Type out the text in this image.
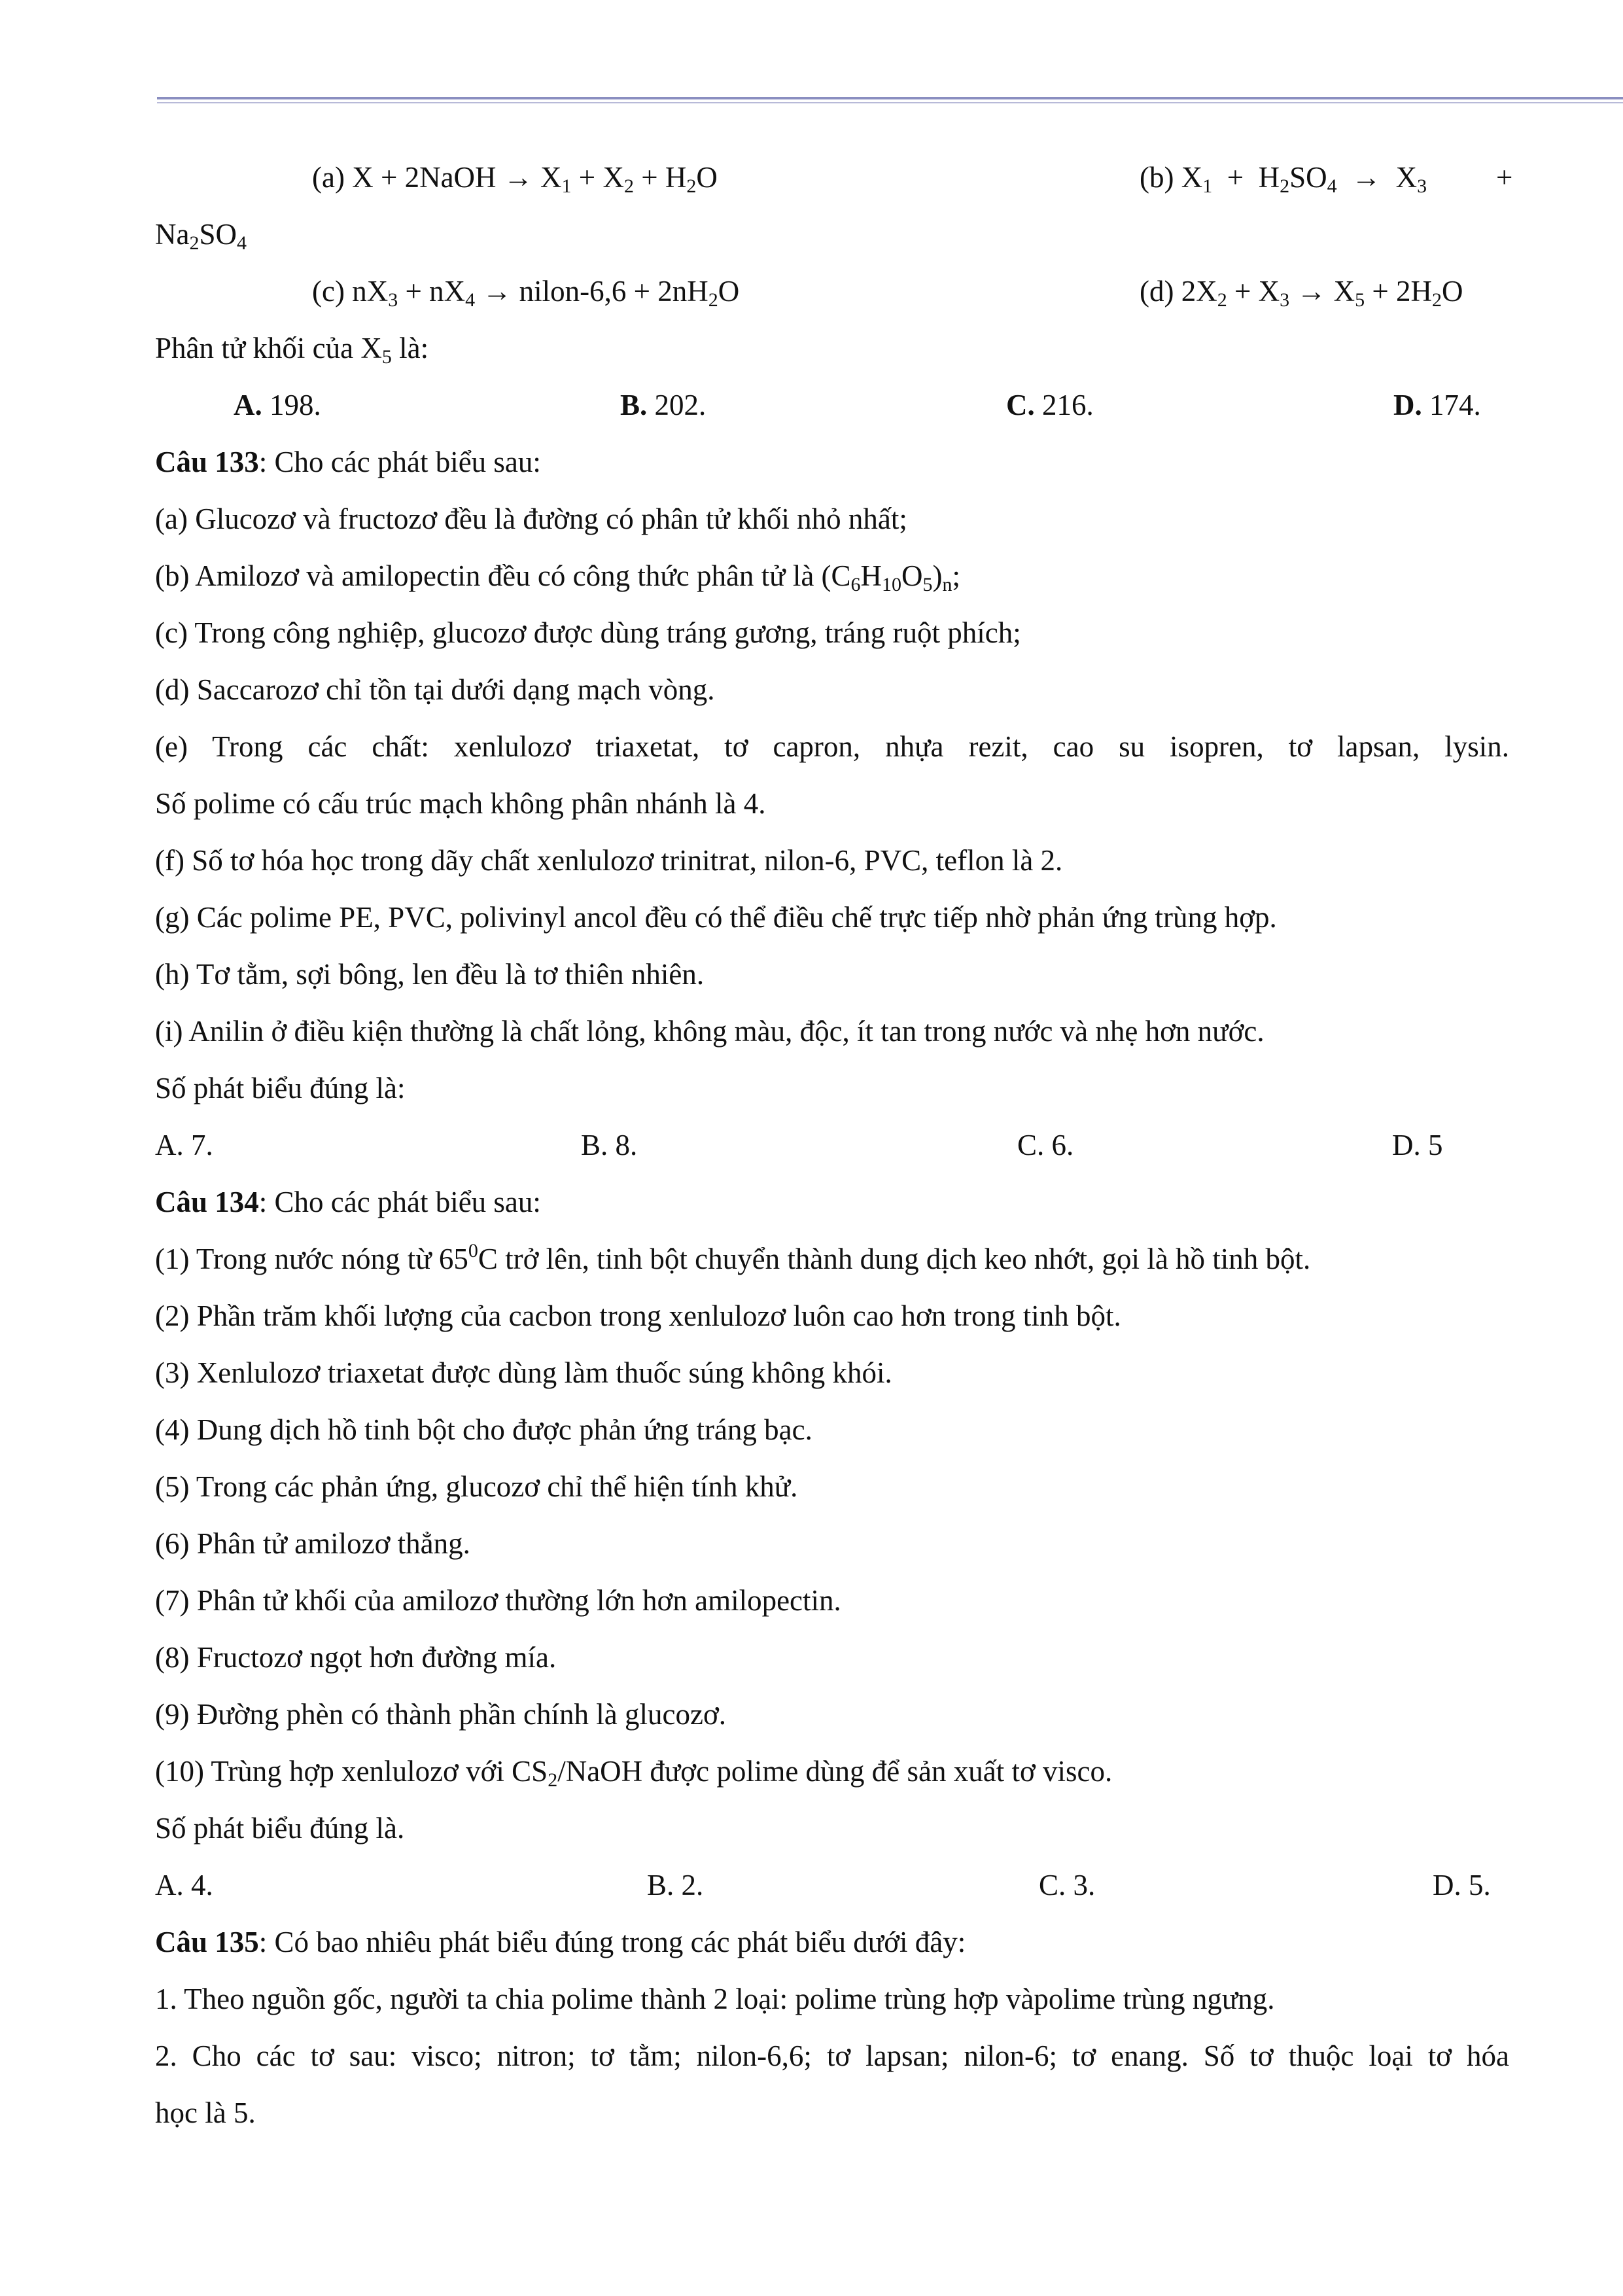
(a) X + 2NaOH → $X_1 + X_2 + H_2O$	(b) $X_1 + H_2SO_4 \to X_3$ +
$Na_2SO_4$
(c) $nX_3 + nX_4$ → nilon-6,6 + $2nH_2O$	(d) $2X_2 + X_3 \to X_5 + 2H_2O$
Phân tử khối của $X_5$ là:
A. 198.	B. 202.	C. 216.	D. 174.
Câu 133: Cho các phát biểu sau:
(a) Glucozơ và fructozơ đều là đường có phân tử khối nhỏ nhất;
(b) Amilozơ và amilopectin đều có công thức phân tử là $(C_6H_{10}O_5)_n$;
(c) Trong công nghiệp, glucozơ được dùng tráng gương, tráng ruột phích;
(d) Saccarozơ chỉ tồn tại dưới dạng mạch vòng.
(e) Trong các chất: xenlulozơ triaxetat, tơ capron, nhựa rezit, cao su isopren, tơ lapsan, lysin.
Số polime có cấu trúc mạch không phân nhánh là 4.
(f) Số tơ hóa học trong dãy chất xenlulozơ trinitrat, nilon-6, PVC, teflon là 2.
(g) Các polime PE, PVC, polivinyl ancol đều có thể điều chế trực tiếp nhờ phản ứng trùng hợp.
(h) Tơ tằm, sợi bông, len đều là tơ thiên nhiên.
(i) Anilin ở điều kiện thường là chất lỏng, không màu, độc, ít tan trong nước và nhẹ hơn nước.
Số phát biểu đúng là:
A. 7.	B. 8.	C. 6.	D. 5
Câu 134: Cho các phát biểu sau:
(1) Trong nước nóng từ $65^0C$ trở lên, tinh bột chuyển thành dung dịch keo nhớt, gọi là hồ tinh bột.
(2) Phần trăm khối lượng của cacbon trong xenlulozơ luôn cao hơn trong tinh bột.
(3) Xenlulozơ triaxetat được dùng làm thuốc súng không khói.
(4) Dung dịch hồ tinh bột cho được phản ứng tráng bạc.
(5) Trong các phản ứng, glucozơ chỉ thể hiện tính khử.
(6) Phân tử amilozơ thẳng.
(7) Phân tử khối của amilozơ thường lớn hơn amilopectin.
(8) Fructozơ ngọt hơn đường mía.
(9) Đường phèn có thành phần chính là glucozơ.
(10) Trùng hợp xenlulozơ với $CS_2$/NaOH được polime dùng để sản xuất tơ visco.
Số phát biểu đúng là.
A. 4.	B. 2.	C. 3.	D. 5.
Câu 135: Có bao nhiêu phát biểu đúng trong các phát biểu dưới đây:
1. Theo nguồn gốc, người ta chia polime thành 2 loại: polime trùng hợp vàpolime trùng ngưng.
2. Cho các tơ sau: visco; nitron; tơ tằm; nilon-6,6; tơ lapsan; nilon-6; tơ enang. Số tơ thuộc loại tơ hóa
học là 5.
